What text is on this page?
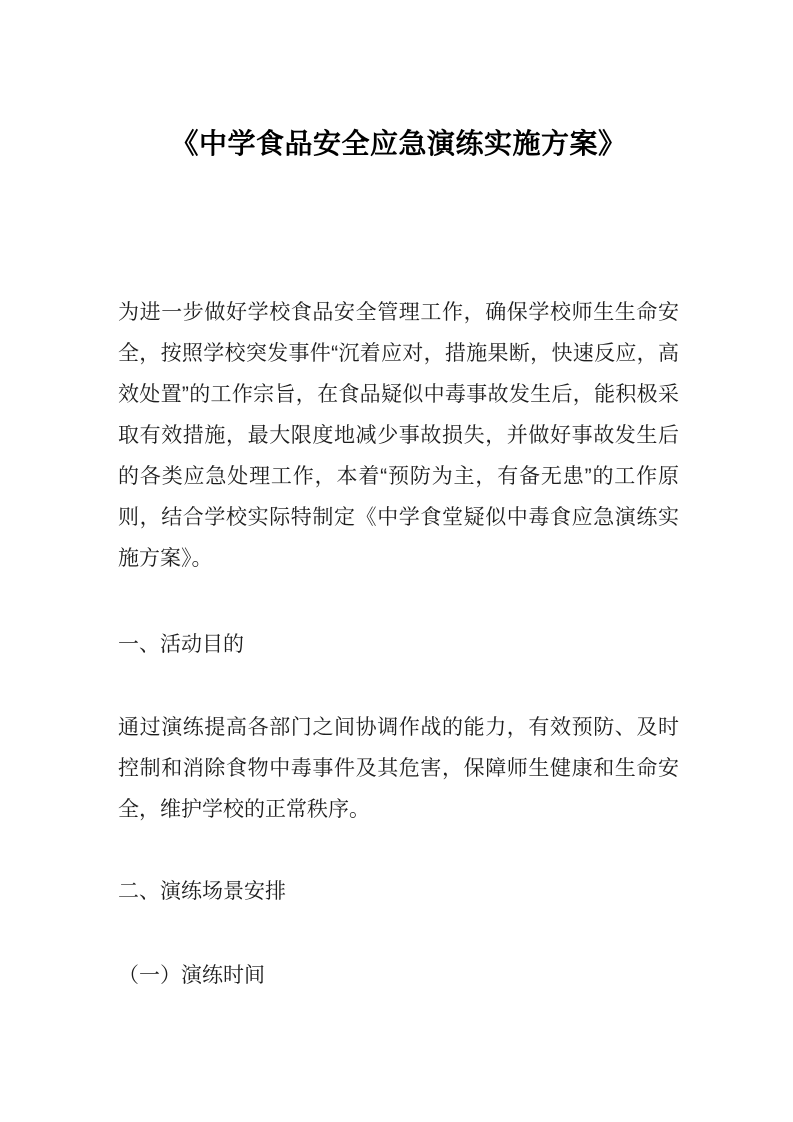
《中学食品安全应急演练实施方案》

为进一步做好学校食品安全管理工作，确保学校师生生命安全，按照学校突发事件“沉着应对，措施果断，快速反应，高效处置”的工作宗旨，在食品疑似中毒事故发生后，能积极采取有效措施，最大限度地减少事故损失，并做好事故发生后的各类应急处理工作，本着“预防为主，有备无患”的工作原则，结合学校实际特制定《中学食堂疑似中毒食应急演练实施方案》。

一、活动目的

通过演练提高各部门之间协调作战的能力，有效预防、及时控制和消除食物中毒事件及其危害，保障师生健康和生命安全，维护学校的正常秩序。

二、演练场景安排
（一）演练时间
